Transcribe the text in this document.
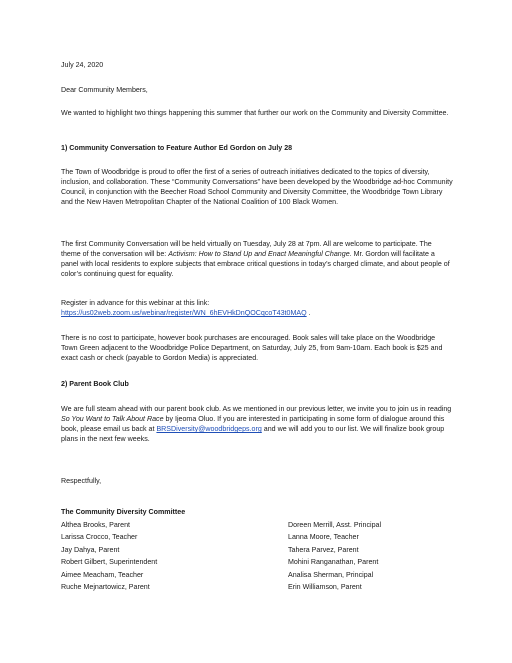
July 24, 2020

Dear Community Members,

We wanted to highlight two things happening this summer that further our work on the Community and Diversity Committee.

1) Community Conversation to Feature Author Ed Gordon on July 28

The Town of Woodbridge is proud to offer the first of a series of outreach initiatives dedicated to the topics of diversity, inclusion, and collaboration. These “Community Conversations” have been developed by the Woodbridge ad-hoc Community Council, in conjunction with the Beecher Road School Community and Diversity Committee, the Woodbridge Town Library and the New Haven Metropolitan Chapter of the National Coalition of 100 Black Women.

The first Community Conversation will be held virtually on Tuesday, July 28 at 7pm. All are welcome to participate. The theme of the conversation will be: Activism: How to Stand Up and Enact Meaningful Change. Mr. Gordon will facilitate a panel with local residents to explore subjects that embrace critical questions in today’s charged climate, and about people of color’s continuing quest for equality.

Register in advance for this webinar at this link:
https://us02web.zoom.us/webinar/register/WN_6hEVHkDnQOCqcoT43t0MAQ .

There is no cost to participate, however book purchases are encouraged. Book sales will take place on the Woodbridge Town Green adjacent to the Woodbridge Police Department, on Saturday, July 25, from 9am-10am. Each book is $25 and exact cash or check (payable to Gordon Media) is appreciated.

2) Parent Book Club

We are full steam ahead with our parent book club. As we mentioned in our previous letter, we invite you to join us in reading So You Want to Talk About Race by Ijeoma Oluo. If you are interested in participating in some form of dialogue around this book, please email us back at BRSDiversity@woodbridgeps.org and we will add you to our list. We will finalize book group plans in the next few weeks.

Respectfully,

The Community Diversity Committee

Althea Brooks, Parent
Larissa Crocco, Teacher
Jay Dahya, Parent
Robert Gilbert, Superintendent
Aimee Meacham, Teacher
Ruche Mejnartowicz, Parent
Doreen Merrill, Asst. Principal
Lanna Moore, Teacher
Tahera Parvez, Parent
Mohini Ranganathan, Parent
Analisa Sherman, Principal
Erin Williamson, Parent
